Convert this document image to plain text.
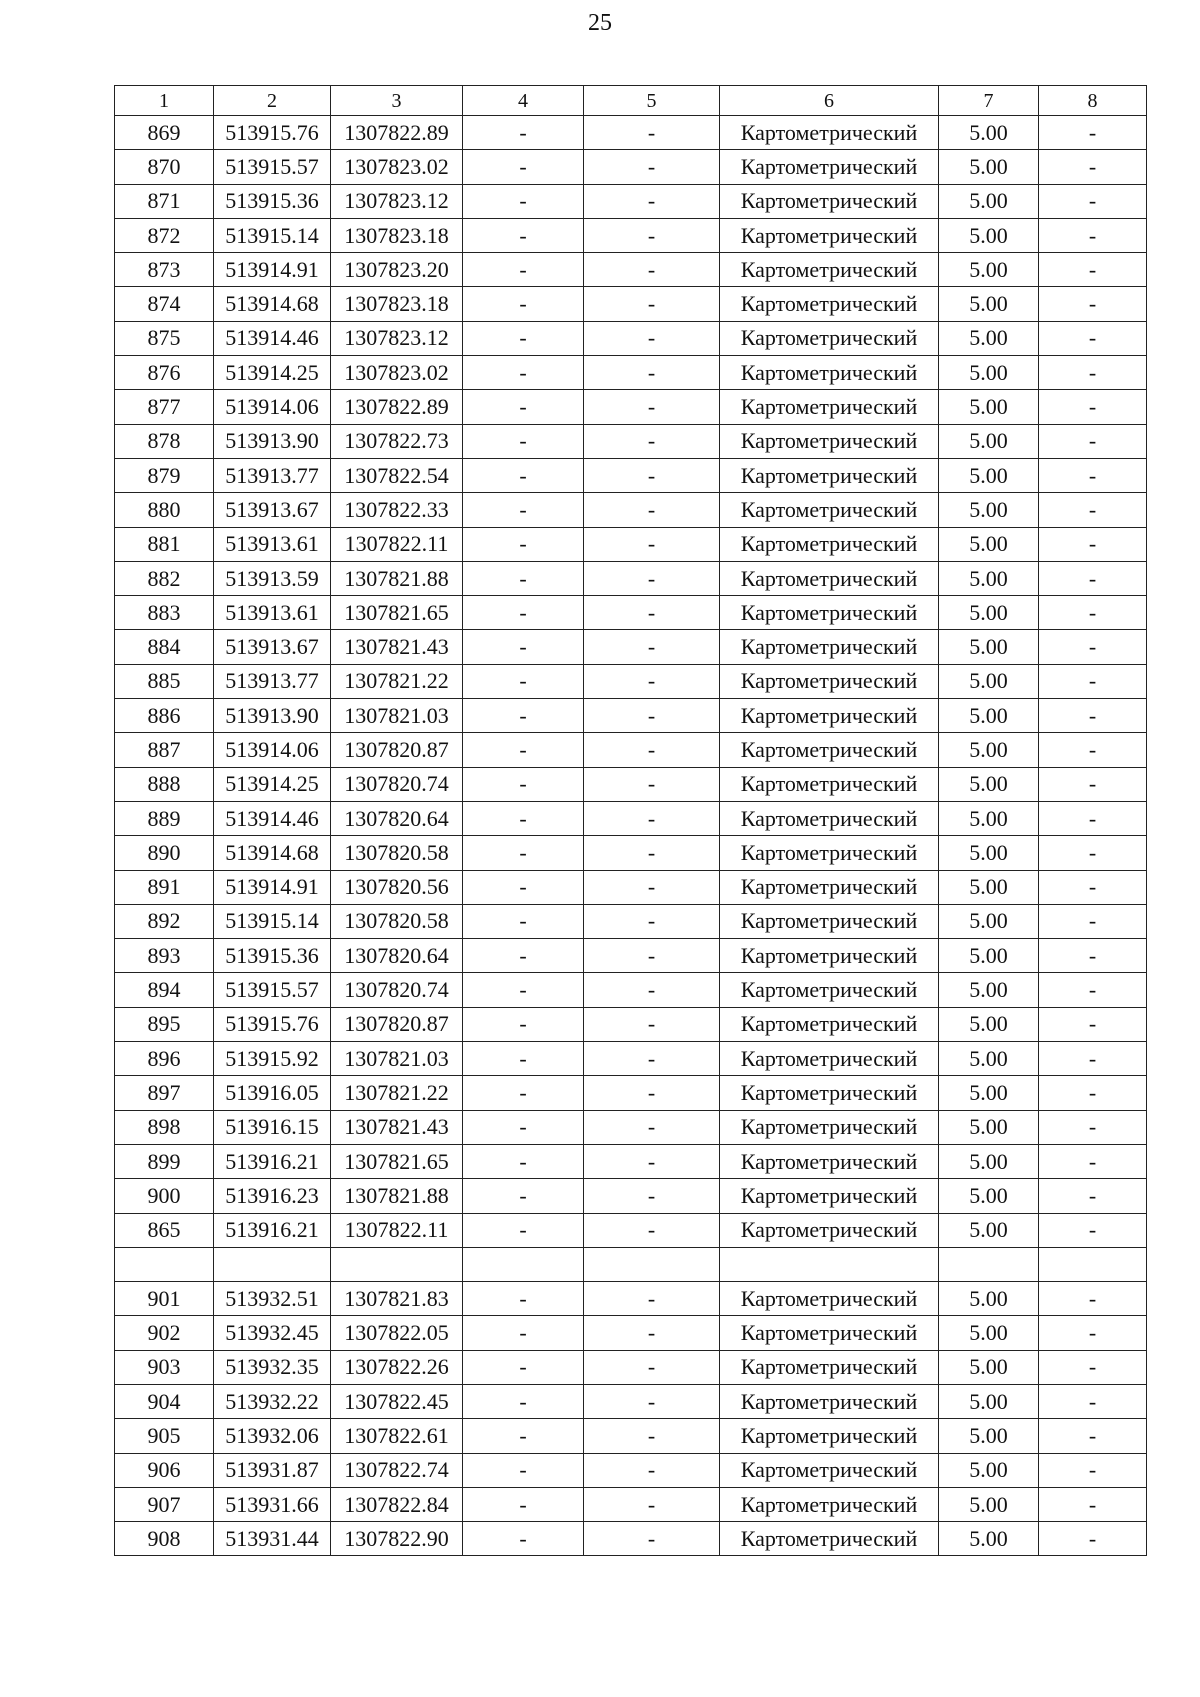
25
1	2	3	4	5	6	7	8
869	513915.76	1307822.89	-	-	Картометрический	5.00	-
870	513915.57	1307823.02	-	-	Картометрический	5.00	-
871	513915.36	1307823.12	-	-	Картометрический	5.00	-
872	513915.14	1307823.18	-	-	Картометрический	5.00	-
873	513914.91	1307823.20	-	-	Картометрический	5.00	-
874	513914.68	1307823.18	-	-	Картометрический	5.00	-
875	513914.46	1307823.12	-	-	Картометрический	5.00	-
876	513914.25	1307823.02	-	-	Картометрический	5.00	-
877	513914.06	1307822.89	-	-	Картометрический	5.00	-
878	513913.90	1307822.73	-	-	Картометрический	5.00	-
879	513913.77	1307822.54	-	-	Картометрический	5.00	-
880	513913.67	1307822.33	-	-	Картометрический	5.00	-
881	513913.61	1307822.11	-	-	Картометрический	5.00	-
882	513913.59	1307821.88	-	-	Картометрический	5.00	-
883	513913.61	1307821.65	-	-	Картометрический	5.00	-
884	513913.67	1307821.43	-	-	Картометрический	5.00	-
885	513913.77	1307821.22	-	-	Картометрический	5.00	-
886	513913.90	1307821.03	-	-	Картометрический	5.00	-
887	513914.06	1307820.87	-	-	Картометрический	5.00	-
888	513914.25	1307820.74	-	-	Картометрический	5.00	-
889	513914.46	1307820.64	-	-	Картометрический	5.00	-
890	513914.68	1307820.58	-	-	Картометрический	5.00	-
891	513914.91	1307820.56	-	-	Картометрический	5.00	-
892	513915.14	1307820.58	-	-	Картометрический	5.00	-
893	513915.36	1307820.64	-	-	Картометрический	5.00	-
894	513915.57	1307820.74	-	-	Картометрический	5.00	-
895	513915.76	1307820.87	-	-	Картометрический	5.00	-
896	513915.92	1307821.03	-	-	Картометрический	5.00	-
897	513916.05	1307821.22	-	-	Картометрический	5.00	-
898	513916.15	1307821.43	-	-	Картометрический	5.00	-
899	513916.21	1307821.65	-	-	Картометрический	5.00	-
900	513916.23	1307821.88	-	-	Картометрический	5.00	-
865	513916.21	1307822.11	-	-	Картометрический	5.00	-

901	513932.51	1307821.83	-	-	Картометрический	5.00	-
902	513932.45	1307822.05	-	-	Картометрический	5.00	-
903	513932.35	1307822.26	-	-	Картометрический	5.00	-
904	513932.22	1307822.45	-	-	Картометрический	5.00	-
905	513932.06	1307822.61	-	-	Картометрический	5.00	-
906	513931.87	1307822.74	-	-	Картометрический	5.00	-
907	513931.66	1307822.84	-	-	Картометрический	5.00	-
908	513931.44	1307822.90	-	-	Картометрический	5.00	-
